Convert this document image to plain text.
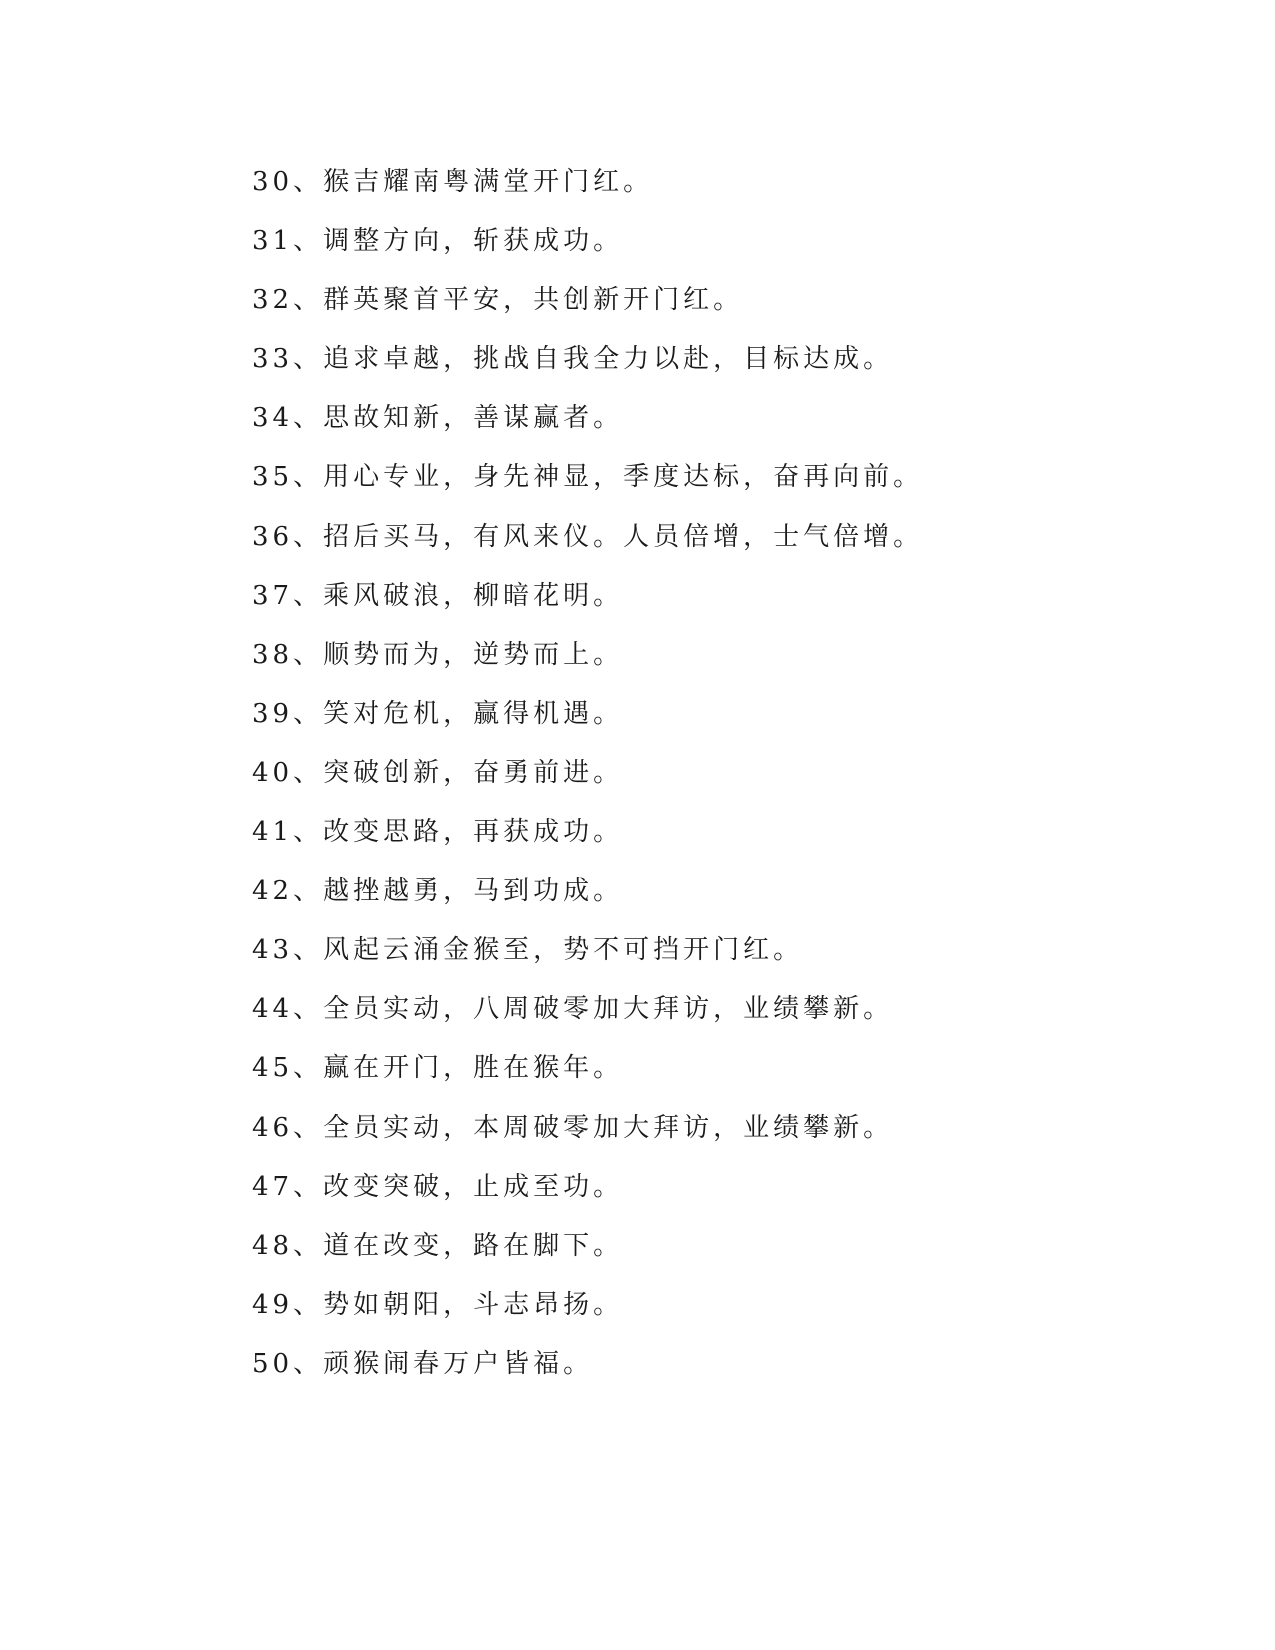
30、猴吉耀南粤满堂开门红。
31、调整方向，斩获成功。
32、群英聚首平安，共创新开门红。
33、追求卓越，挑战自我全力以赴，目标达成。
34、思故知新，善谋赢者。
35、用心专业，身先神显，季度达标，奋再向前。
36、招后买马，有风来仪。人员倍增，士气倍增。
37、乘风破浪，柳暗花明。
38、顺势而为，逆势而上。
39、笑对危机，赢得机遇。
40、突破创新，奋勇前进。
41、改变思路，再获成功。
42、越挫越勇，马到功成。
43、风起云涌金猴至，势不可挡开门红。
44、全员实动，八周破零加大拜访，业绩攀新。
45、赢在开门，胜在猴年。
46、全员实动，本周破零加大拜访，业绩攀新。
47、改变突破，止成至功。
48、道在改变，路在脚下。
49、势如朝阳，斗志昂扬。
50、顽猴闹春万户皆福。
